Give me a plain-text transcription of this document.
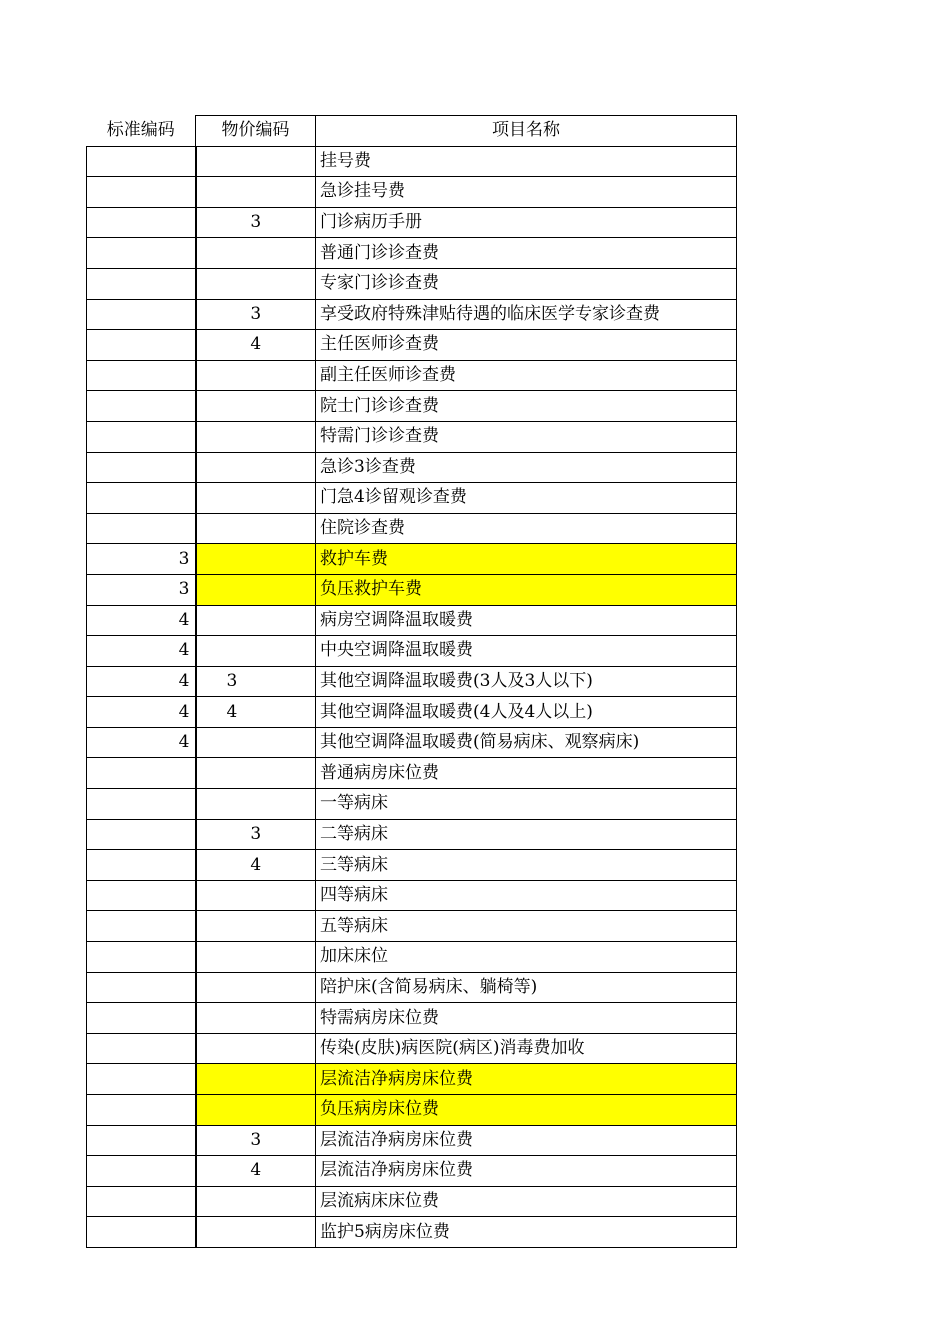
标准编码	物价编码	项目名称
		挂号费
		急诊挂号费
	3	门诊病历手册
		普通门诊诊查费
		专家门诊诊查费
	3	享受政府特殊津贴待遇的临床医学专家诊查费
	4	主任医师诊查费
		副主任医师诊查费
		院士门诊诊查费
		特需门诊诊查费
		急诊3诊查费
		门急4诊留观诊查费
		住院诊查费
3		救护车费
3		负压救护车费
4		病房空调降温取暖费
4		中央空调降温取暖费
4	3	其他空调降温取暖费(3人及3人以下)
4	4	其他空调降温取暖费(4人及4人以上)
4		其他空调降温取暖费(简易病床、观察病床)
		普通病房床位费
		一等病床
	3	二等病床
	4	三等病床
		四等病床
		五等病床
		加床床位
		陪护床(含简易病床、躺椅等)
		特需病房床位费
		传染(皮肤)病医院(病区)消毒费加收
		层流洁净病房床位费
		负压病房床位费
	3	层流洁净病房床位费
	4	层流洁净病房床位费
		层流病床床位费
		监护5病房床位费
